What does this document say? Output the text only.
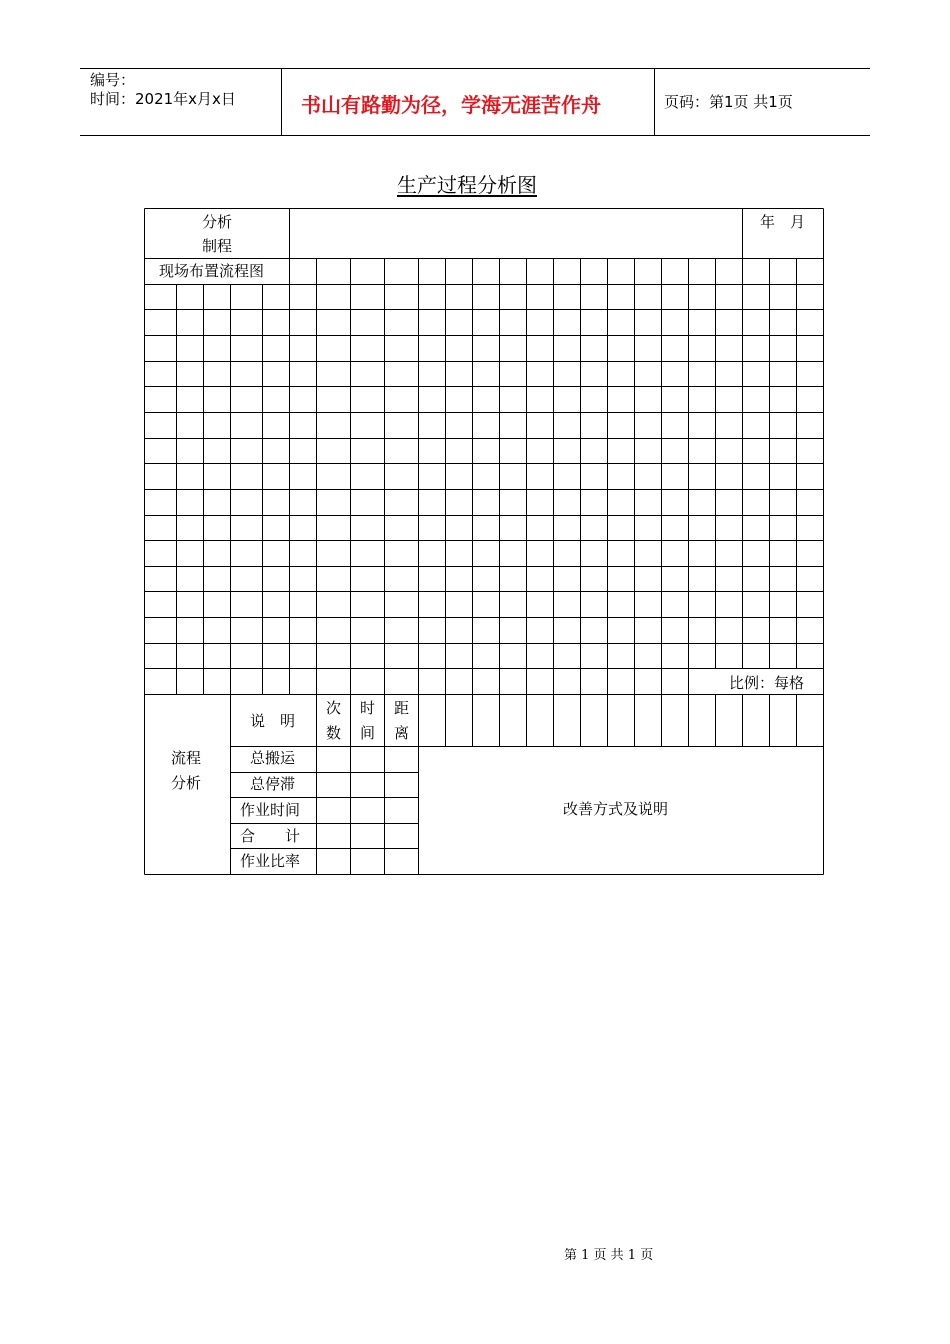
编号：
时间：2021年x月x日	书山有路勤为径，学海无涯苦作舟	页码：第1页 共1页
生产过程分析图
分析
制程
年　月
现场布置流程图
比例：每格
流程
分析
说　明
次
数
时
间
距
离
总搬运
总停滞
作业时间
合　　计
作业比率
改善方式及说明
第 1 页 共 1 页
